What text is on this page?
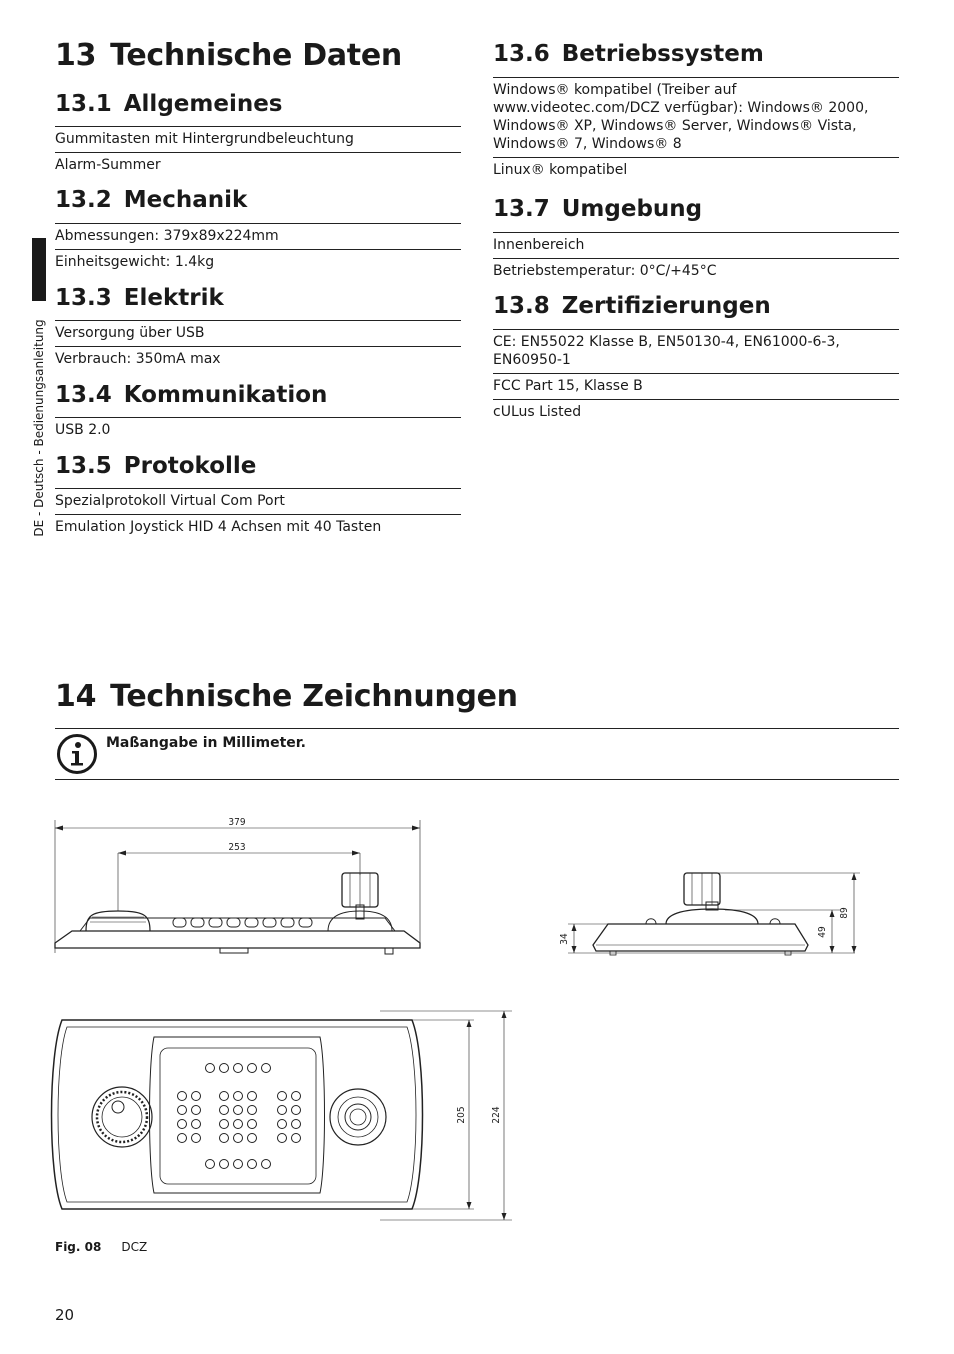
DE - Deutsch - Bedienungsanleitung
13 Technische Daten
13.1 Allgemeines
Gummitasten mit Hintergrundbeleuchtung
Alarm-Summer
13.2 Mechanik
Abmessungen: 379x89x224mm
Einheitsgewicht: 1.4kg
13.3 Elektrik
Versorgung über USB
Verbrauch: 350mA max
13.4 Kommunikation
USB 2.0
13.5 Protokolle
Spezialprotokoll Virtual Com Port
Emulation Joystick HID 4 Achsen mit 40 Tasten
13.6 Betriebssystem
Windows® kompatibel (Treiber auf www.videotec.com/DCZ verfügbar): Windows® 2000, Windows® XP, Windows® Server, Windows® Vista, Windows® 7, Windows® 8
Linux® kompatibel
13.7 Umgebung
Innenbereich
Betriebstemperatur: 0°C/+45°C
13.8 Zertifizierungen
CE: EN55022 Klasse B, EN50130-4, EN61000-6-3, EN60950-1
FCC Part 15, Klasse B
cULus Listed
14 Technische Zeichnungen
Maßangabe in Millimeter.
379
253
34
49
89
205 224
Fig. 08 DCZ
20
